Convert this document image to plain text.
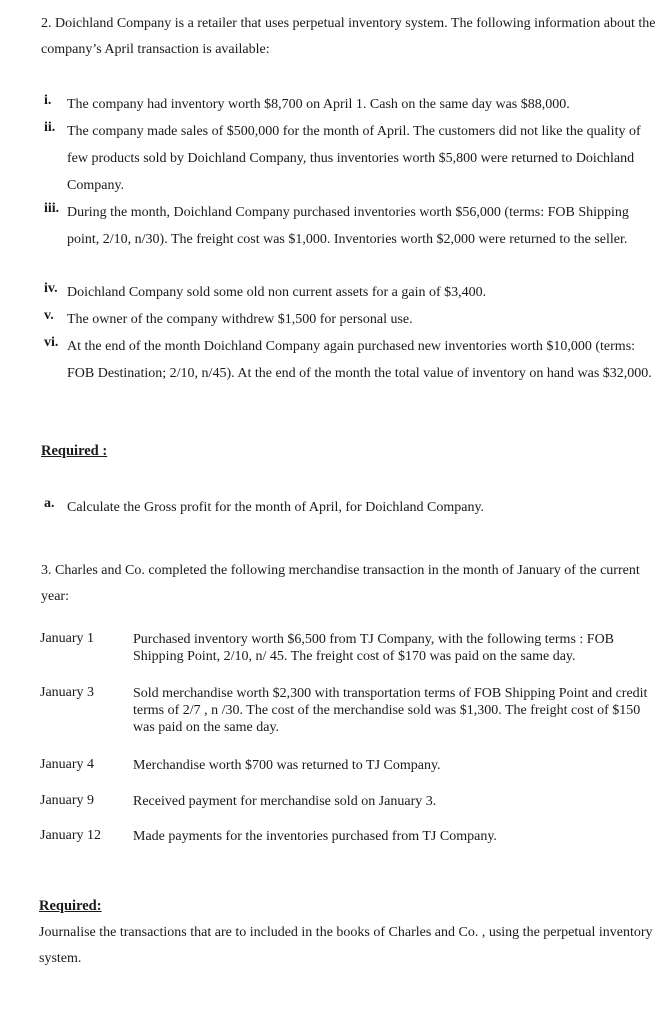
2. Doichland Company is a retailer that uses perpetual inventory system. The following information about the company’s April transaction is available:
i. The company had inventory worth $8,700 on April 1. Cash on the same day was $88,000.
ii. The company made sales of $500,000 for the month of April. The customers did not like the quality of few products sold by Doichland Company, thus inventories worth $5,800 were returned to Doichland Company.
iii. During the month, Doichland Company purchased inventories worth $56,000 (terms: FOB Shipping point, 2/10, n/30). The freight cost was $1,000. Inventories worth $2,000 were returned to the seller.
iv. Doichland Company sold some old non current assets for a gain of $3,400.
v. The owner of the company withdrew $1,500 for personal use.
vi. At the end of the month Doichland Company again purchased new inventories worth $10,000 (terms: FOB Destination; 2/10, n/45). At the end of the month the total value of inventory on hand was $32,000.
Required :
a. Calculate the Gross profit for the month of April, for Doichland Company.
3. Charles and Co. completed the following merchandise transaction in the month of January of the current year:
January 1	Purchased inventory worth $6,500 from TJ Company, with the following terms : FOB Shipping Point, 2/10, n/ 45. The freight cost of $170 was paid on the same day.
January 3	Sold merchandise worth $2,300 with transportation terms of FOB Shipping Point and credit terms of 2/7 , n /30. The cost of the merchandise sold was $1,300. The freight cost of $150 was paid on the same day.
January 4	Merchandise worth $700 was returned to TJ Company.
January 9	Received payment for merchandise sold on January 3.
January 12 Made payments for the inventories purchased from TJ Company.
Required:
Journalise the transactions that are to included in the books of Charles and Co. , using the perpetual inventory system.
